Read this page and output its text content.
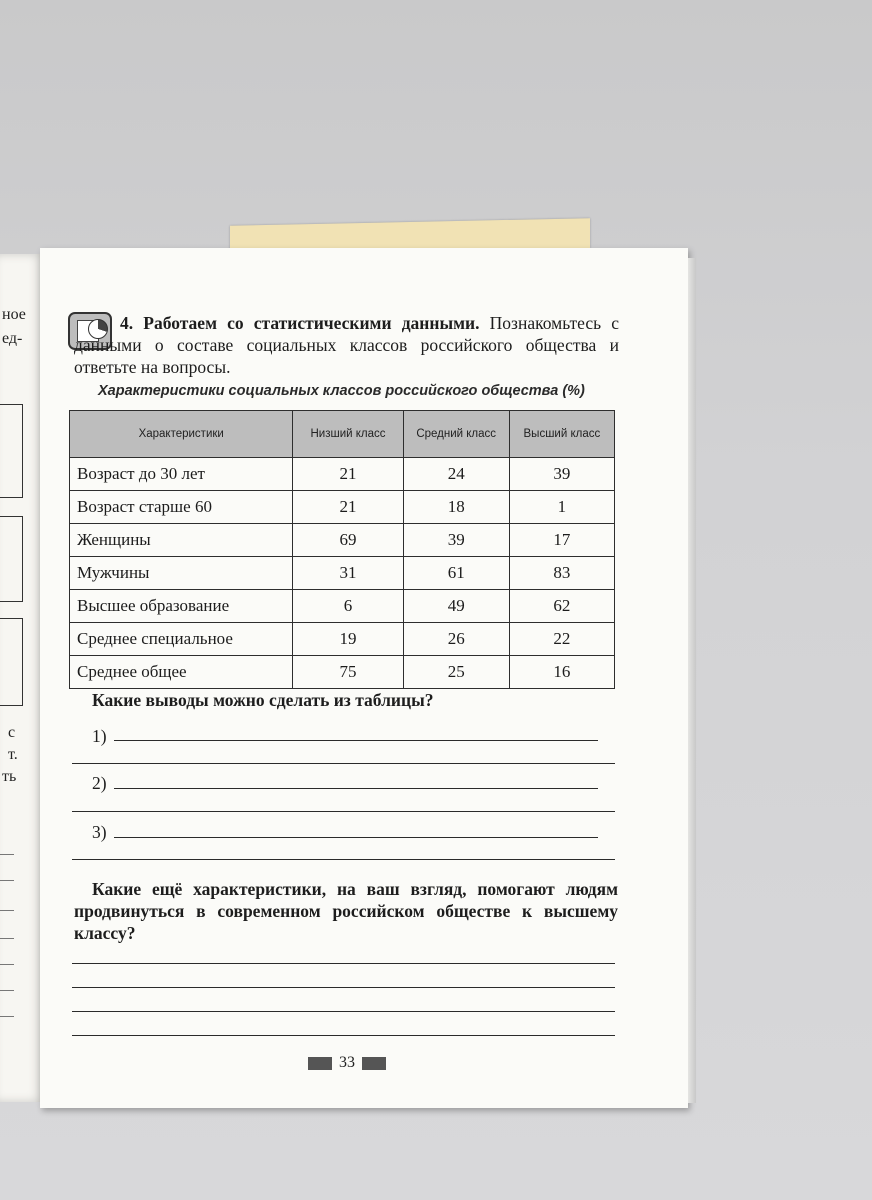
ное
ед-
с
т.
ть
4. Работаем со статистическими данными. Познакомьтесь с данными о составе социальных классов российского общества и ответьте на вопросы.
Характеристики социальных классов российского общества (%)
Характеристики	Низший класс	Средний класс	Высший класс
Возраст до 30 лет	21	24	39
Возраст старше 60	21	18	1
Женщины	69	39	17
Мужчины	31	61	83
Высшее образование	6	49	62
Среднее специальное	19	26	22
Среднее общее	75	25	16
Какие выводы можно сделать из таблицы?
1)
2)
3)
Какие ещё характеристики, на ваш взгляд, помогают людям продвинуться в современном российском обществе к высшему классу?
33
